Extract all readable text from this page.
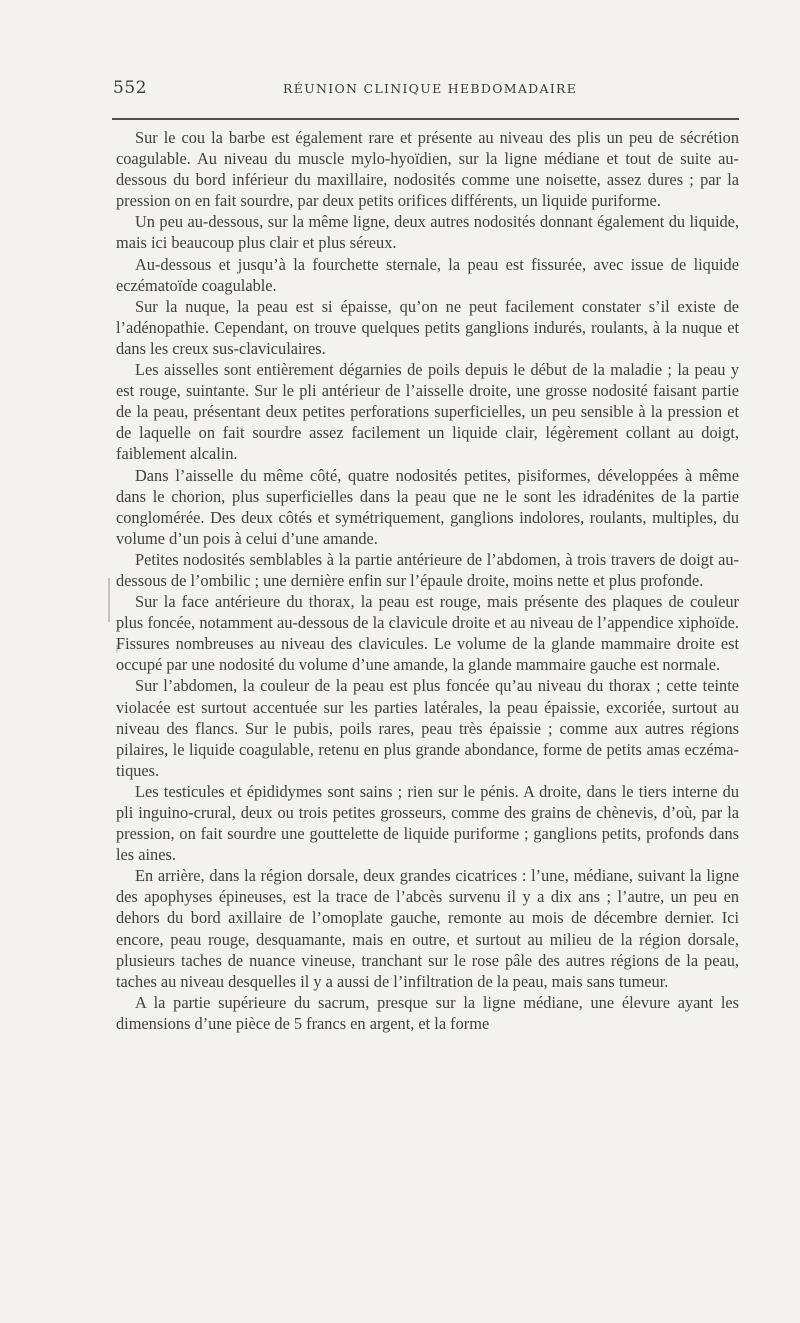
552	RÉUNION CLINIQUE HEBDOMADAIRE

Sur le cou la barbe est également rare et présente au niveau des plis un peu de sécrétion coagulable. Au niveau du muscle mylo-hyoïdien, sur la ligne médiane et tout de suite au-dessous du bord inférieur du maxillaire, nodosités comme une noisette, assez dures ; par la pression on en fait sourdre, par deux petits orifices différents, un liquide puriforme.

Un peu au-dessous, sur la même ligne, deux autres nodosités donnant également du liquide, mais ici beaucoup plus clair et plus séreux.

Au-dessous et jusqu’à la fourchette sternale, la peau est fissurée, avec issue de liquide eczématoïde coagulable.

Sur la nuque, la peau est si épaisse, qu’on ne peut facilement constater s’il existe de l’adénopathie. Cependant, on trouve quelques petits ganglions indurés, roulants, à la nuque et dans les creux sus-claviculaires.

Les aisselles sont entièrement dégarnies de poils depuis le début de la maladie ; la peau y est rouge, suintante. Sur le pli antérieur de l’aisselle droite, une grosse nodosité faisant partie de la peau, présentant deux petites perforations superficielles, un peu sensible à la pression et de laquelle on fait sourdre assez facilement un liquide clair, légèrement collant au doigt, faiblement alcalin.

Dans l’aisselle du même côté, quatre nodosités petites, pisiformes, développées à même dans le chorion, plus superficielles dans la peau que ne le sont les idradénites de la partie conglomérée. Des deux côtés et symétriquement, ganglions indolores, roulants, multiples, du volume d’un pois à celui d’une amande.

Petites nodosités semblables à la partie antérieure de l’abdomen, à trois travers de doigt au-dessous de l’ombilic ; une dernière enfin sur l’épaule droite, moins nette et plus profonde.

Sur la face antérieure du thorax, la peau est rouge, mais présente des plaques de couleur plus foncée, notamment au-dessous de la clavicule droite et au niveau de l’appendice xiphoïde. Fissures nombreuses au niveau des clavicules. Le volume de la glande mammaire droite est occupé par une nodosité du volume d’une amande, la glande mammaire gauche est normale.

Sur l’abdomen, la couleur de la peau est plus foncée qu’au niveau du thorax ; cette teinte violacée est surtout accentuée sur les parties latérales, la peau épaissie, excoriée, surtout au niveau des flancs. Sur le pubis, poils rares, peau très épaissie ; comme aux autres régions pilaires, le liquide coagulable, retenu en plus grande abondance, forme de petits amas eczématiques.

Les testicules et épididymes sont sains ; rien sur le pénis. A droite, dans le tiers interne du pli inguino-crural, deux ou trois petites grosseurs, comme des grains de chènevis, d’où, par la pression, on fait sourdre une gouttelette de liquide puriforme ; ganglions petits, profonds dans les aines.

En arrière, dans la région dorsale, deux grandes cicatrices : l’une, médiane, suivant la ligne des apophyses épineuses, est la trace de l’abcès survenu il y a dix ans ; l’autre, un peu en dehors du bord axillaire de l’omoplate gauche, remonte au mois de décembre dernier. Ici encore, peau rouge, desquamante, mais en outre, et surtout au milieu de la région dorsale, plusieurs taches de nuance vineuse, tranchant sur le rose pâle des autres régions de la peau, taches au niveau desquelles il y a aussi de l’infiltration de la peau, mais sans tumeur.

A la partie supérieure du sacrum, presque sur la ligne médiane, une élevure ayant les dimensions d’une pièce de 5 francs en argent, et la forme
